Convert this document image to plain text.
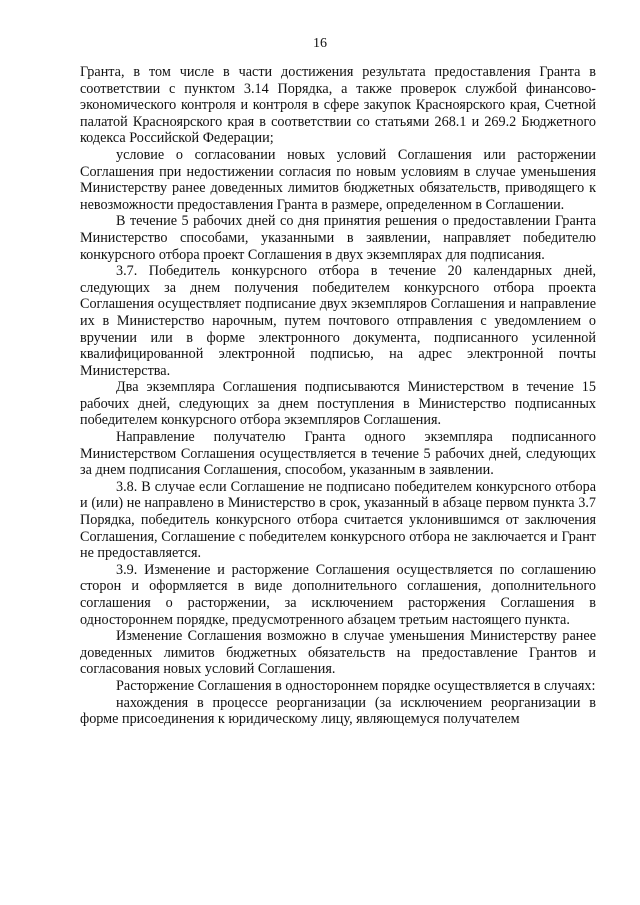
16

Гранта, в том числе в части достижения результата предоставления Гранта в соответствии с пунктом 3.14 Порядка, а также проверок службой финансово-экономического контроля и контроля в сфере закупок Красноярского края, Счетной палатой Красноярского края в соответствии со статьями 268.1 и 269.2 Бюджетного кодекса Российской Федерации;

условие о согласовании новых условий Соглашения или расторжении Соглашения при недостижении согласия по новым условиям в случае уменьшения Министерству ранее доведенных лимитов бюджетных обязательств, приводящего к невозможности предоставления Гранта в размере, определенном в Соглашении.

В течение 5 рабочих дней со дня принятия решения о предоставлении Гранта Министерство способами, указанными в заявлении, направляет победителю конкурсного отбора проект Соглашения в двух экземплярах для подписания.

3.7. Победитель конкурсного отбора в течение 20 календарных дней, следующих за днем получения победителем конкурсного отбора проекта Соглашения осуществляет подписание двух экземпляров Соглашения и направление их в Министерство нарочным, путем почтового отправления с уведомлением о вручении или в форме электронного документа, подписанного усиленной квалифицированной электронной подписью, на адрес электронной почты Министерства.

Два экземпляра Соглашения подписываются Министерством в течение 15 рабочих дней, следующих за днем поступления в Министерство подписанных победителем конкурсного отбора экземпляров Соглашения.

Направление получателю Гранта одного экземпляра подписанного Министерством Соглашения осуществляется в течение 5 рабочих дней, следующих за днем подписания Соглашения, способом, указанным в заявлении.

3.8. В случае если Соглашение не подписано победителем конкурсного отбора и (или) не направлено в Министерство в срок, указанный в абзаце первом пункта 3.7 Порядка, победитель конкурсного отбора считается уклонившимся от заключения Соглашения, Соглашение с победителем конкурсного отбора не заключается и Грант не предоставляется.

3.9. Изменение и расторжение Соглашения осуществляется по соглашению сторон и оформляется в виде дополнительного соглашения, дополнительного соглашения о расторжении, за исключением расторжения Соглашения в одностороннем порядке, предусмотренного абзацем третьим настоящего пункта.

Изменение Соглашения возможно в случае уменьшения Министерству ранее доведенных лимитов бюджетных обязательств на предоставление Грантов и согласования новых условий Соглашения.

Расторжение Соглашения в одностороннем порядке осуществляется в случаях:

нахождения в процессе реорганизации (за исключением реорганизации в форме присоединения к юридическому лицу, являющемуся получателем
